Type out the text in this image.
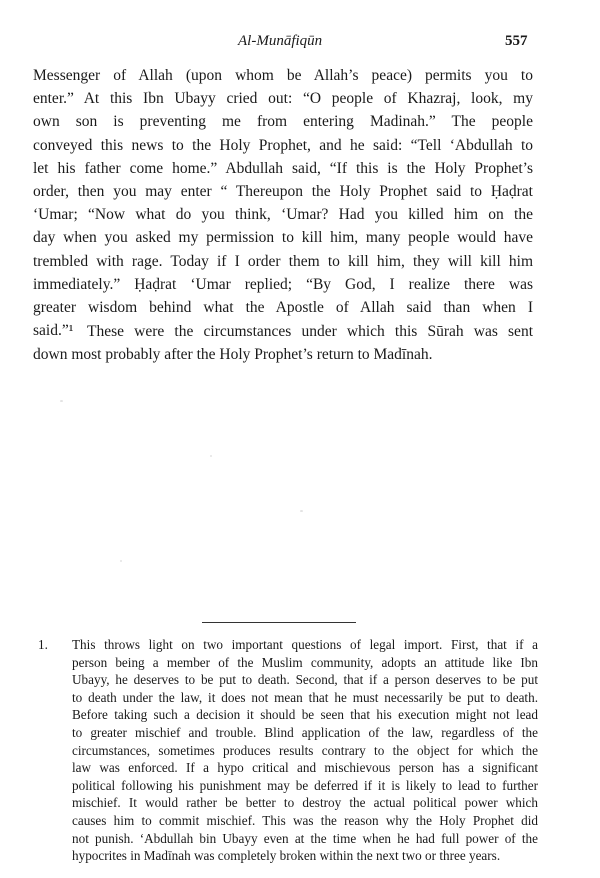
Al-Munāfiqūn	557
Messenger of Allah (upon whom be Allah’s peace) permits you to
enter.” At this Ibn Ubayy cried out: “O people of Khazraj, look, my
own son is preventing me from entering Madinah.” The people
conveyed this news to the Holy Prophet, and he said: “Tell ‘Abdullah to
let his father come home.” Abdullah said, “If this is the Holy Prophet’s
order, then you may enter “ Thereupon the Holy Prophet said to Ḥaḍrat
‘Umar; “Now what do you think, ‘Umar? Had you killed him on the
day when you asked my permission to kill him, many people would have
trembled with rage. Today if I order them to kill him, they will kill him
immediately.” Ḥaḍrat ‘Umar replied; “By God, I realize there was
greater wisdom behind what the Apostle of Allah said than when I
said.”¹ These were the circumstances under which this Sūrah was sent
down most probably after the Holy Prophet’s return to Madīnah.
1. This throws light on two important questions of legal import. First, that if a
person being a member of the Muslim community, adopts an attitude like Ibn
Ubayy, he deserves to be put to death. Second, that if a person deserves to be put
to death under the law, it does not mean that he must necessarily be put to death.
Before taking such a decision it should be seen that his execution might not lead
to greater mischief and trouble. Blind application of the law, regardless of the
circumstances, sometimes produces results contrary to the object for which the
law was enforced. If a hypo critical and mischievous person has a significant
political following his punishment may be deferred if it is likely to lead to further
mischief. It would rather be better to destroy the actual political power which
causes him to commit mischief. This was the reason why the Holy Prophet did
not punish. ‘Abdullah bin Ubayy even at the time when he had full power of the
hypocrites in Madīnah was completely broken within the next two or three years.
